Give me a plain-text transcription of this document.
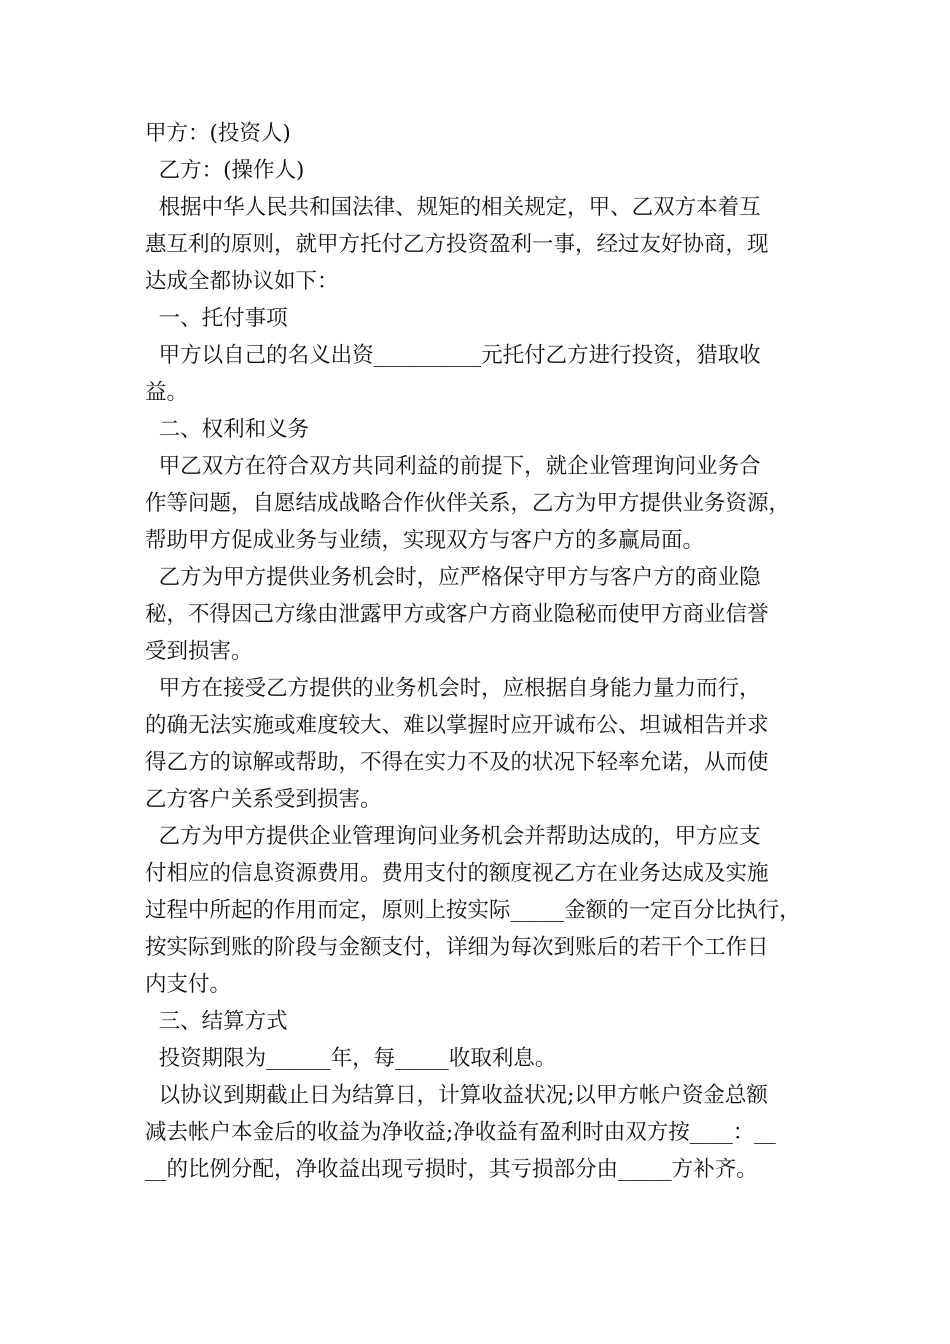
甲方：(投资人)

乙方：(操作人)

根据中华人民共和国法律、规矩的相关规定，甲、乙双方本着互

惠互利的原则，就甲方托付乙方投资盈利一事，经过友好协商，现

达成全都协议如下：

一、托付事项

甲方以自己的名义出资__________元托付乙方进行投资，猎取收

益。

二、权利和义务

甲乙双方在符合双方共同利益的前提下，就企业管理询问业务合

作等问题，自愿结成战略合作伙伴关系，乙方为甲方提供业务资源，

帮助甲方促成业务与业绩，实现双方与客户方的多赢局面。

乙方为甲方提供业务机会时，应严格保守甲方与客户方的商业隐

秘，不得因己方缘由泄露甲方或客户方商业隐秘而使甲方商业信誉

受到损害。

甲方在接受乙方提供的业务机会时，应根据自身能力量力而行，

的确无法实施或难度较大、难以掌握时应开诚布公、坦诚相告并求

得乙方的谅解或帮助，不得在实力不及的状况下轻率允诺，从而使

乙方客户关系受到损害。

乙方为甲方提供企业管理询问业务机会并帮助达成的，甲方应支

付相应的信息资源费用。费用支付的额度视乙方在业务达成及实施

过程中所起的作用而定，原则上按实际_____金额的一定百分比执行，

按实际到账的阶段与金额支付，详细为每次到账后的若干个工作日

内支付。

三、结算方式

投资期限为______年，每_____收取利息。

以协议到期截止日为结算日，计算收益状况;以甲方帐户资金总额

减去帐户本金后的收益为净收益;净收益有盈利时由双方按____：__

__的比例分配，净收益出现亏损时，其亏损部分由_____方补齐。
